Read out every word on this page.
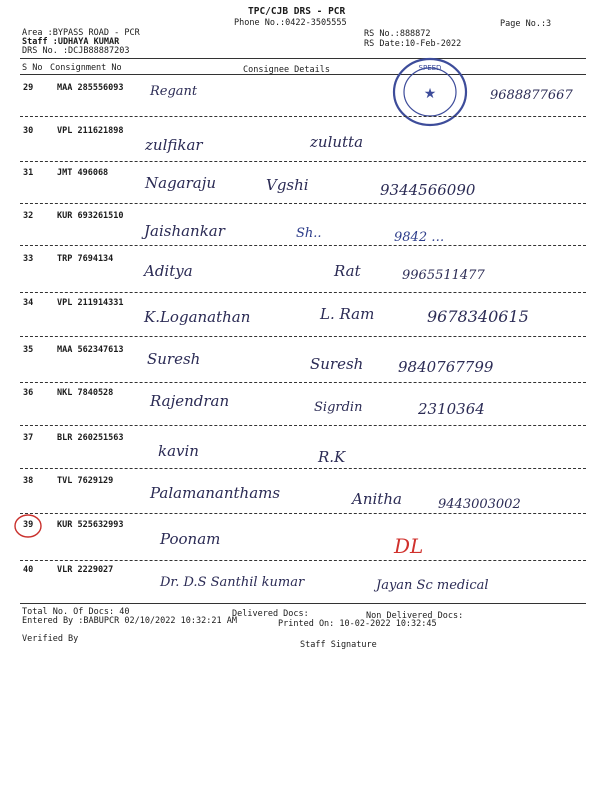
TPC/CJB DRS - PCR
Phone No.:0422-3505555	Page No.:3
Area :BYPASS ROAD - PCR
Staff :UDHAYA KUMAR
DRS No. :DCJB88887203
RS No.:888872
RS Date:10-Feb-2022
S No Consignment No	Consignee Details	SPEED
★
29	MAA 285556093 Regant	9688877667
30	VPL 211621898
zulfikar	zulutta
31	JMT 496068
Nagaraju	Vgshi	9344566090
32	KUR 693261510
Jaishankar	Sh..	9842 …
33	TRP 7694134
Aditya	Rat	9965511477
34	VPL 211914331
K.Loganathan	L. Ram	9678340615
35	MAA 562347613 Suresh	Suresh 9840767799
36	NKL 7840528 Rajendran	Sigrdin	2310364
37	BLR 260251563
kavin	R.K
38	TVL 7629129
Palamananthams	Anitha	9443003002
39	KUR 525632993
Poonam	DL
40	VLR 2229027
Dr. D.S Santhil kumar	Jayan Sc medical
Total No. Of Docs: 40	Delivered Docs:	Non Delivered Docs:
Entered By :BABUPCR 02/10/2022 10:32:21 AM	Printed On: 10-02-2022 10:32:45
Verified By
Staff Signature
